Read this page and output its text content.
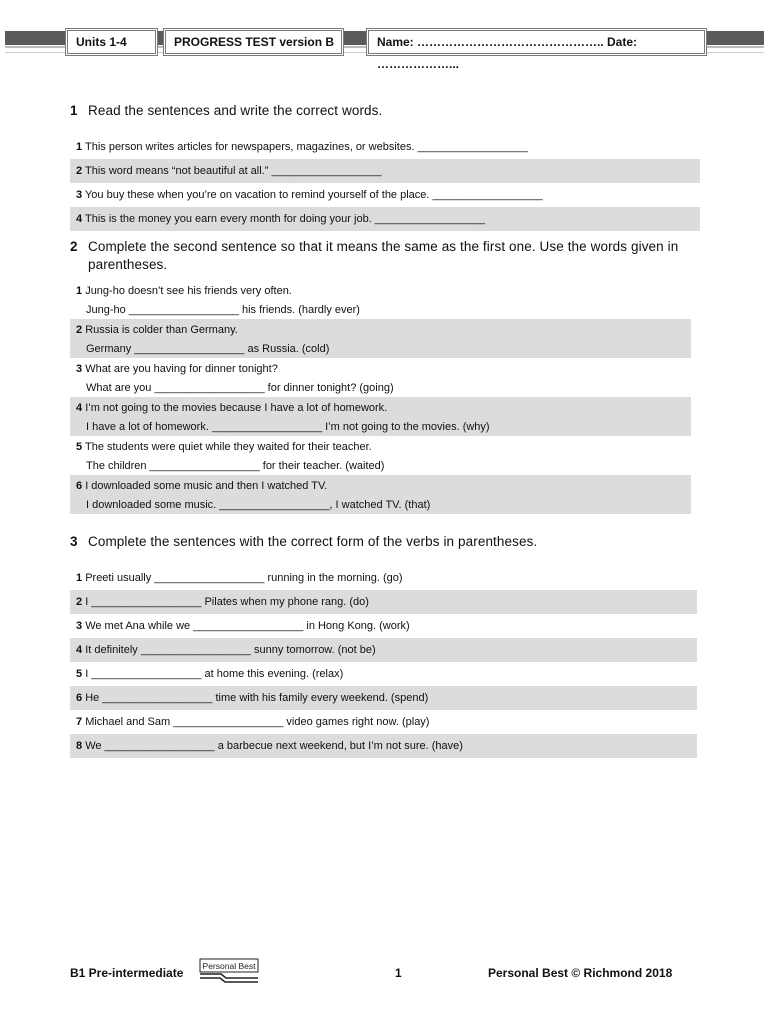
Units 1-4	PROGRESS TEST version B	Name: ……………………………………….. Date: ………………...
1 Read the sentences and write the correct words.
1 This person writes articles for newspapers, magazines, or websites. __________________
2 This word means “not beautiful at all.” __________________
3 You buy these when you’re on vacation to remind yourself of the place. __________________
4 This is the money you earn every month for doing your job. __________________
2 Complete the second sentence so that it means the same as the first one. Use the words given in
parentheses.
1 Jung-ho doesn’t see his friends very often.
Jung-ho __________________ his friends. (hardly ever)
2 Russia is colder than Germany.
Germany __________________ as Russia. (cold)
3 What are you having for dinner tonight?
What are you __________________ for dinner tonight? (going)
4 I’m not going to the movies because I have a lot of homework.
I have a lot of homework. __________________ I’m not going to the movies. (why)
5 The students were quiet while they waited for their teacher.
The children __________________ for their teacher. (waited)
6 I downloaded some music and then I watched TV.
I downloaded some music. __________________, I watched TV. (that)
3 Complete the sentences with the correct form of the verbs in parentheses.
1 Preeti usually __________________ running in the morning. (go)
2 I __________________ Pilates when my phone rang. (do)
3 We met Ana while we __________________ in Hong Kong. (work)
4 It definitely __________________ sunny tomorrow. (not be)
5 I __________________ at home this evening. (relax)
6 He __________________ time with his family every weekend. (spend)
7 Michael and Sam __________________ video games right now. (play)
8 We __________________ a barbecue next weekend, but I’m not sure. (have)
B1 Pre-intermediate Personal Best	1	Personal Best © Richmond 2018
